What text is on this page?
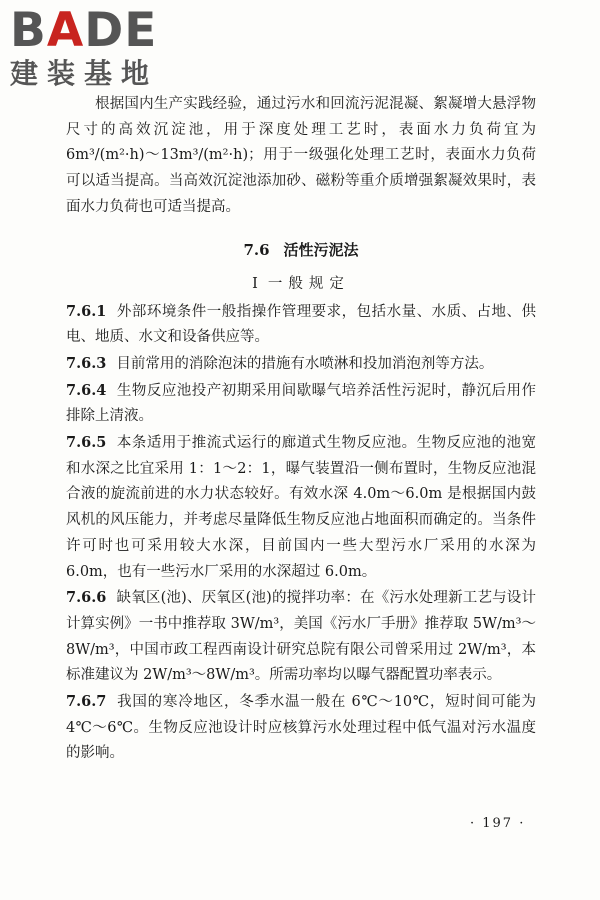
BADE
建装基地

根据国内生产实践经验，通过污水和回流污泥混凝、絮凝增大悬浮物尺寸的高效沉淀池，用于深度处理工艺时，表面水力负荷宜为 6m³/(m²·h)～13m³/(m²·h)；用于一级强化处理工艺时，表面水力负荷可以适当提高。当高效沉淀池添加砂、磁粉等重介质增强絮凝效果时，表面水力负荷也可适当提高。

7.6 活性污泥法
Ⅰ 一般规定

7.6.1 外部环境条件一般指操作管理要求，包括水量、水质、占地、供电、地质、水文和设备供应等。

7.6.3 目前常用的消除泡沫的措施有水喷淋和投加消泡剂等方法。

7.6.4 生物反应池投产初期采用间歇曝气培养活性污泥时，静沉后用作排除上清液。

7.6.5 本条适用于推流式运行的廊道式生物反应池。生物反应池的池宽和水深之比宜采用 1：1～2：1，曝气装置沿一侧布置时，生物反应池混合液的旋流前进的水力状态较好。有效水深 4.0m～6.0m 是根据国内鼓风机的风压能力，并考虑尽量降低生物反应池占地面积而确定的。当条件许可时也可采用较大水深，目前国内一些大型污水厂采用的水深为 6.0m，也有一些污水厂采用的水深超过 6.0m。

7.6.6 缺氧区(池)、厌氧区(池)的搅拌功率：在《污水处理新工艺与设计计算实例》一书中推荐取 3W/m³，美国《污水厂手册》推荐取 5W/m³～8W/m³，中国市政工程西南设计研究总院有限公司曾采用过 2W/m³，本标准建议为 2W/m³～8W/m³。所需功率均以曝气器配置功率表示。

7.6.7 我国的寒冷地区，冬季水温一般在 6℃～10℃，短时间可能为 4℃～6℃。生物反应池设计时应核算污水处理过程中低气温对污水温度的影响。

· 197 ·
